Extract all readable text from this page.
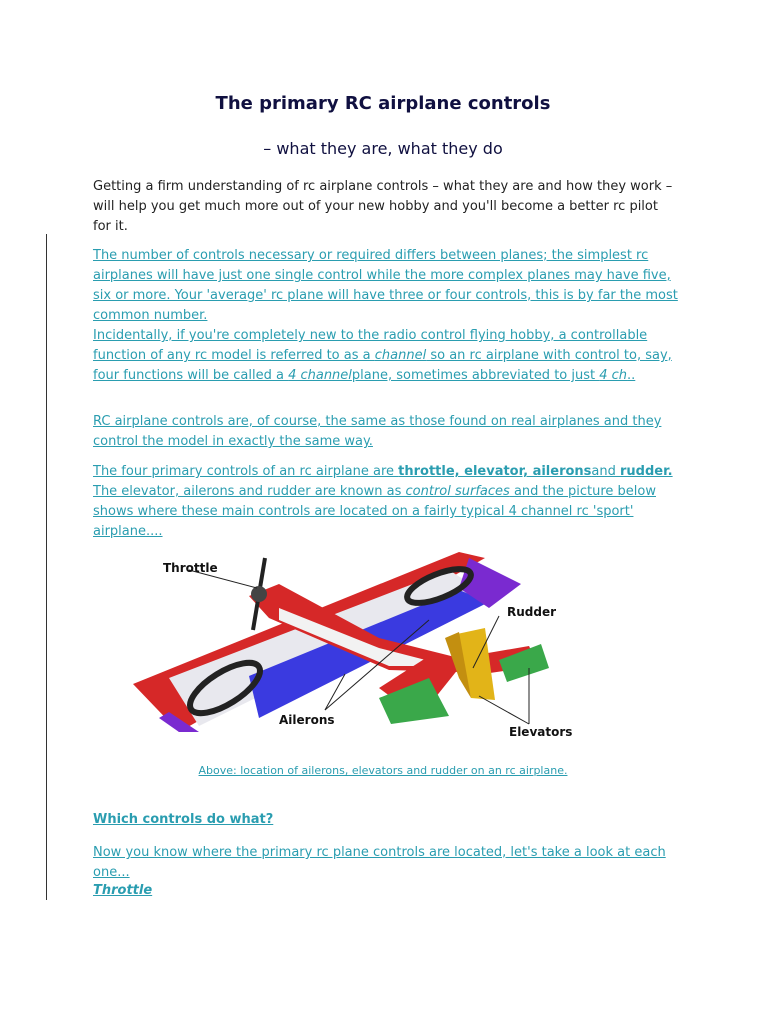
The primary RC airplane controls
– what they are, what they do

Getting a firm understanding of rc airplane controls – what they are and how they work – will help you get much more out of your new hobby and you'll become a better rc pilot for it.

The number of controls necessary or required differs between planes; the simplest rc airplanes will have just one single control while the more complex planes may have five, six or more. Your 'average' rc plane will have three or four controls, this is by far the most common number.
Incidentally, if you're completely new to the radio control flying hobby, a controllable function of any rc model is referred to as a channel so an rc airplane with control to, say, four functions will be called a 4 channelplane, sometimes abbreviated to just 4 ch..

RC airplane controls are, of course, the same as those found on real airplanes and they control the model in exactly the same way.

The four primary controls of an rc airplane are throttle, elevator, aileronsand rudder.
The elevator, ailerons and rudder are known as control surfaces and the picture below shows where these main controls are located on a fairly typical 4 channel rc 'sport' airplane....

Throttle
Rudder
Ailerons
Elevators
Above: location of ailerons, elevators and rudder on an rc airplane.
Which controls do what?

Now you know where the primary rc plane controls are located, let's take a look at each one...

Throttle
